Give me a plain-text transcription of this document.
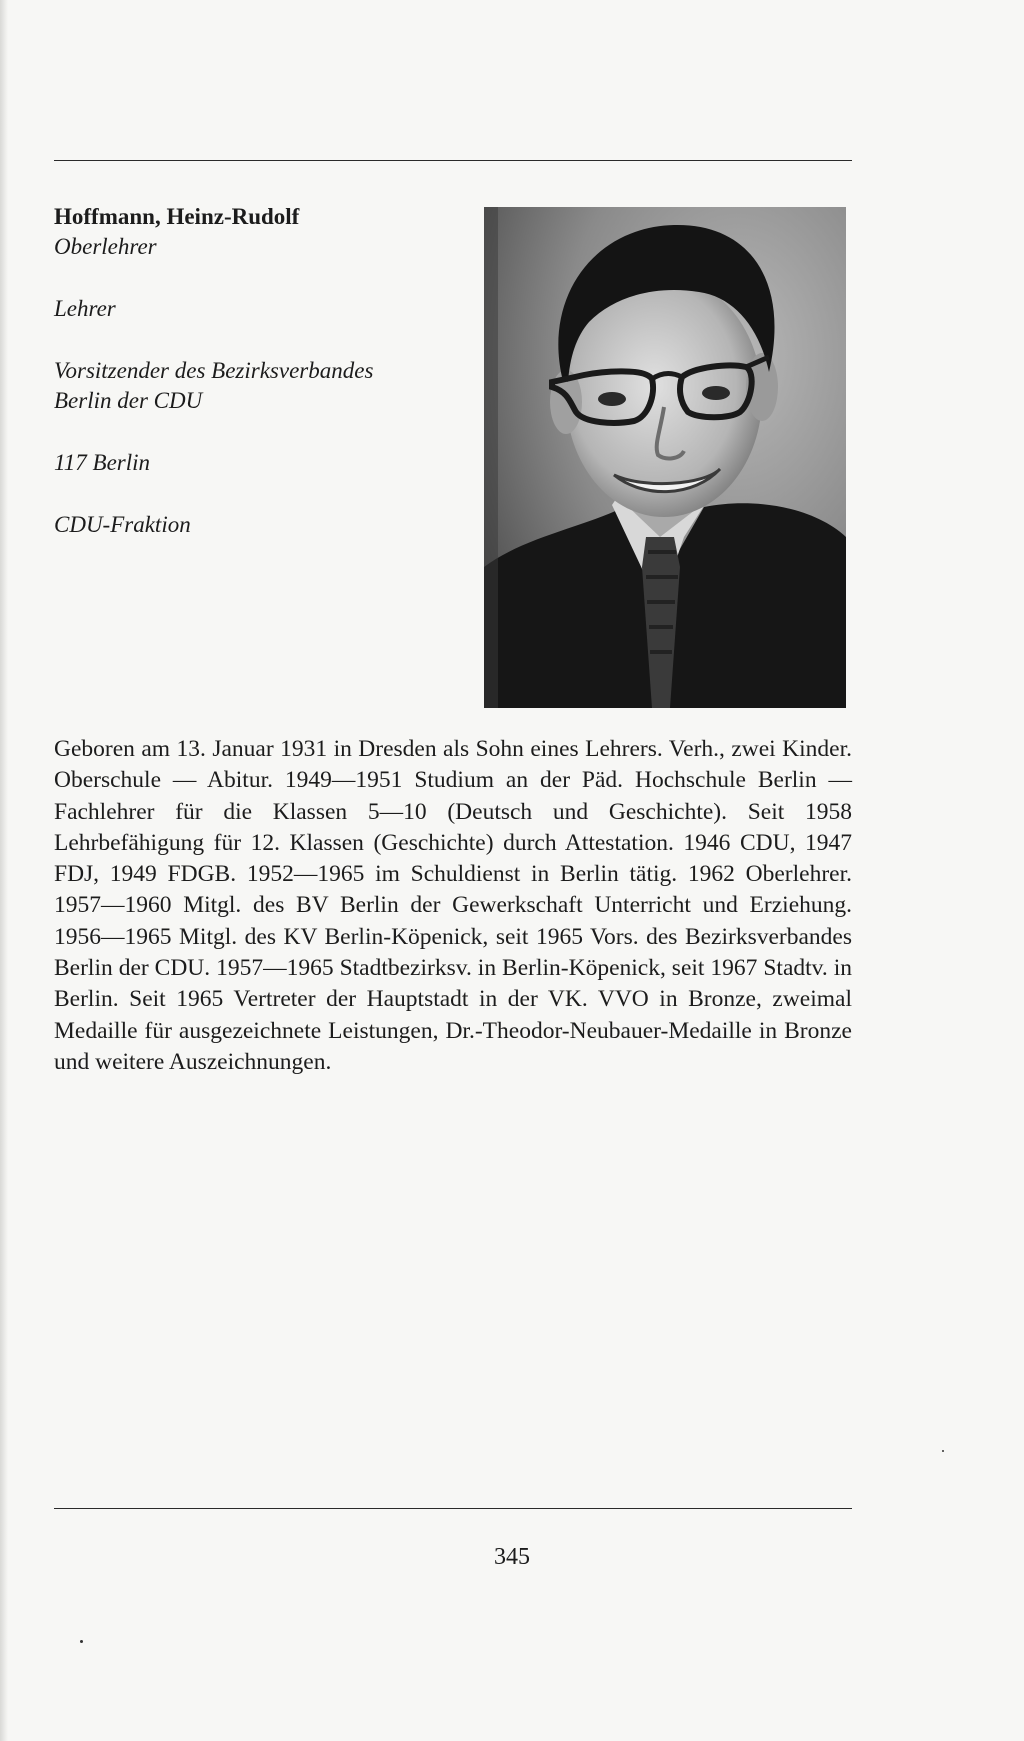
Hoffmann, Heinz-Rudolf

Oberlehrer

Lehrer

Vorsitzender des Bezirksverbandes

Berlin der CDU

117 Berlin

CDU-Fraktion

Geboren am 13. Januar 1931 in Dresden als Sohn eines Lehrers. Verh., zwei Kinder. Oberschule — Abitur. 1949—1951 Studium an der Päd. Hochschule Berlin — Fachlehrer für die Klassen 5—10 (Deutsch und Geschichte). Seit 1958 Lehrbefähigung für 12. Klassen (Geschichte) durch Attestation. 1946 CDU, 1947 FDJ, 1949 FDGB. 1952—1965 im Schuldienst in Berlin tätig. 1962 Oberlehrer. 1957—1960 Mitgl. des BV Berlin der Gewerkschaft Unterricht und Erziehung. 1956—1965 Mitgl. des KV Berlin-Köpenick, seit 1965 Vors. des Bezirksverbandes Berlin der CDU. 1957—1965 Stadtbezirksv. in Berlin-Köpenick, seit 1967 Stadtv. in Berlin. Seit 1965 Vertreter der Hauptstadt in der VK. VVO in Bronze, zweimal Medaille für ausgezeichnete Leistungen, Dr.-Theodor-Neubauer-Medaille in Bronze und weitere Auszeichnungen.

345
